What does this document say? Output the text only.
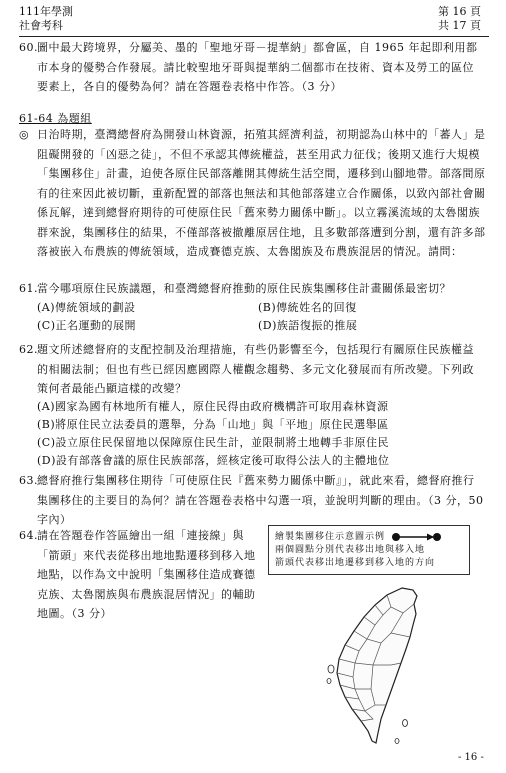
111年學測
社會考科
第 16 頁
共 17 頁
60. 圖中最大跨境界，分屬美、墨的「聖地牙哥－提華納」都會區，自 1965 年起即利用都市本身的優勢合作發展。請比較聖地牙哥與提華納二個都市在技術、資本及勞工的區位要素上，各自的優勢為何？請在答題卷表格中作答。（3 分）
61-64 為題組
◎ 日治時期，臺灣總督府為開發山林資源，拓殖其經濟利益，初期認為山林中的「蕃人」是阻礙開發的「凶惡之徒」，不但不承認其傳統權益，甚至用武力征伐；後期又進行大規模「集團移住」計畫，迫使各原住民部落離開其傳統生活空間，遷移到山腳地帶。部落間原有的往來因此被切斷，重新配置的部落也無法和其他部落建立合作關係，以致內部社會關係瓦解，達到總督府期待的可使原住民「舊來勢力關係中斷」。以立霧溪流域的太魯閣族群來說，集團移住的結果，不僅部落被撤離原居住地，且多數部落遭到分割，還有許多部落被嵌入布農族的傳統領域，造成賽德克族、太魯閣族及布農族混居的情況。請問：
61. 當今哪項原住民族議題，和臺灣總督府推動的原住民族集團移住計畫關係最密切？
(A)傳統領域的劃設	(B)傳統姓名的回復
(C)正名運動的展開	(D)族語復振的推展
62. 題文所述總督府的支配控制及治理措施，有些仍影響至今，包括現行有關原住民族權益的相關法制；但也有些已經因應國際人權觀念趨勢、多元文化發展而有所改變。下列政策何者最能凸顯這樣的改變？
(A)國家為國有林地所有權人，原住民得由政府機構許可取用森林資源
(B)將原住民立法委員的選舉，分為「山地」與「平地」原住民選舉區
(C)設立原住民保留地以保障原住民生計，並限制將土地轉手非原住民
(D)設有部落會議的原住民族部落，經核定後可取得公法人的主體地位
63. 總督府推行集團移住期待「可使原住民『舊來勢力關係中斷』」，就此來看，總督府推行集團移住的主要目的為何？請在答題卷表格中勾選一項，並說明判斷的理由。（3 分，50 字內）
64. 請在答題卷作答區繪出一組「連接線」與「箭頭」來代表從移出地地點遷移到移入地地點，以作為文中說明「集團移住造成賽德克族、太魯閣族與布農族混居情況」的輔助地圖。（3 分）
繪製集團移住示意圖示例
兩個圓點分別代表移出地與移入地
箭頭代表移出地遷移到移入地的方向
- 16 -
